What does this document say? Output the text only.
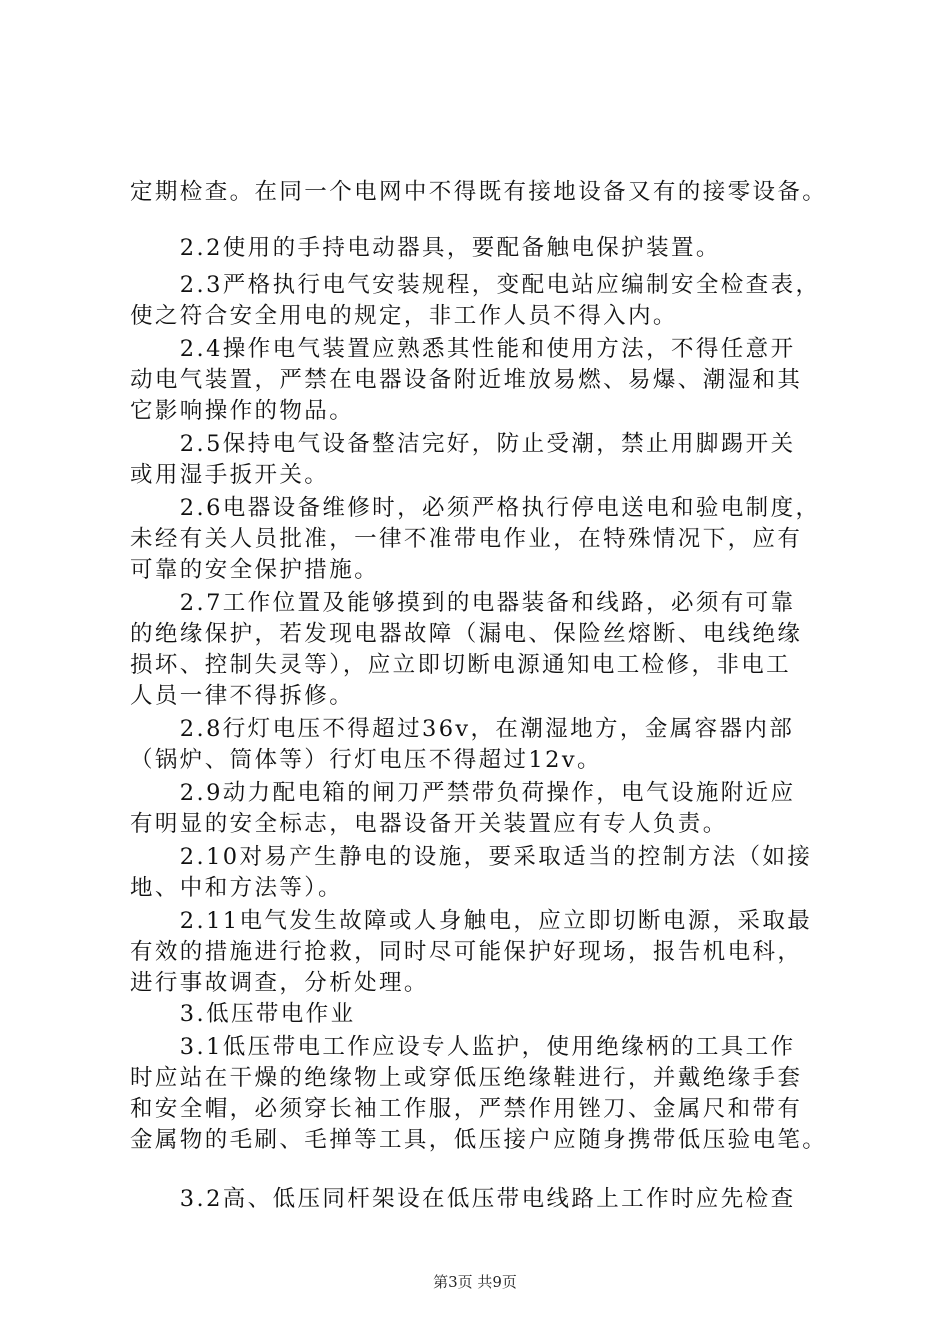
定期检查。在同一个电网中不得既有接地设备又有的接零设备。
　　2.2使用的手持电动器具，要配备触电保护装置。
　　2.3严格执行电气安装规程，变配电站应编制安全检查表，
使之符合安全用电的规定，非工作人员不得入内。
　　2.4操作电气装置应熟悉其性能和使用方法，不得任意开
动电气装置，严禁在电器设备附近堆放易燃、易爆、潮湿和其
它影响操作的物品。
　　2.5保持电气设备整洁完好，防止受潮，禁止用脚踢开关
或用湿手扳开关。
　　2.6电器设备维修时，必须严格执行停电送电和验电制度，
未经有关人员批准，一律不准带电作业，在特殊情况下，应有
可靠的安全保护措施。
　　2.7工作位置及能够摸到的电器装备和线路，必须有可靠
的绝缘保护，若发现电器故障（漏电、保险丝熔断、电线绝缘
损坏、控制失灵等），应立即切断电源通知电工检修，非电工
人员一律不得拆修。
　　2.8行灯电压不得超过36v，在潮湿地方，金属容器内部
（锅炉、筒体等）行灯电压不得超过12v。
　　2.9动力配电箱的闸刀严禁带负荷操作，电气设施附近应
有明显的安全标志，电器设备开关装置应有专人负责。
　　2.10对易产生静电的设施，要采取适当的控制方法（如接
地、中和方法等）。
　　2.11电气发生故障或人身触电，应立即切断电源，采取最
有效的措施进行抢救，同时尽可能保护好现场，报告机电科，
进行事故调查，分析处理。
　　3.低压带电作业
　　3.1低压带电工作应设专人监护，使用绝缘柄的工具工作
时应站在干燥的绝缘物上或穿低压绝缘鞋进行，并戴绝缘手套
和安全帽，必须穿长袖工作服，严禁作用锉刀、金属尺和带有
金属物的毛刷、毛掸等工具，低压接户应随身携带低压验电笔。
　　3.2高、低压同杆架设在低压带电线路上工作时应先检查
第3页 共9页
